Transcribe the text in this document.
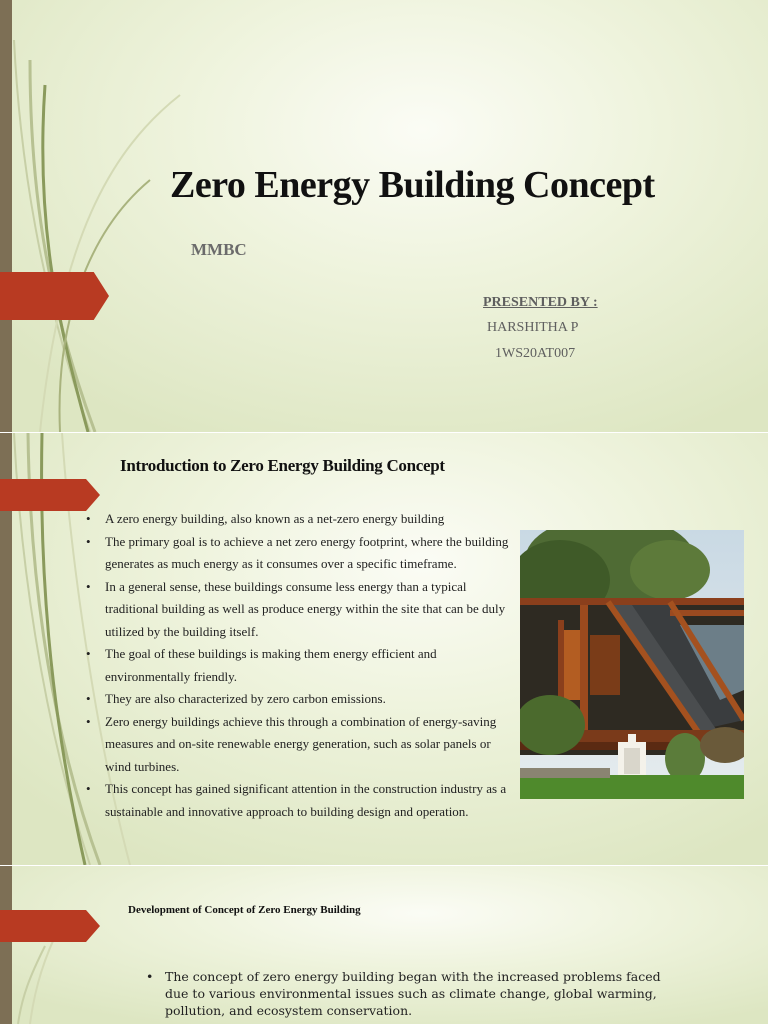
Zero Energy Building Concept
MMBC
PRESENTED BY :
HARSHITHA P
1WS20AT007
Introduction to Zero Energy Building Concept
• A zero energy building, also known as a net-zero energy building
• The primary goal is to achieve a net zero energy footprint, where the building generates as much energy as it consumes over a specific timeframe.
• In a general sense, these buildings consume less energy than a typical traditional building as well as produce energy within the site that can be duly utilized by the building itself.
• The goal of these buildings is making them energy efficient and environmentally friendly.
• They are also characterized by zero carbon emissions.
• Zero energy buildings achieve this through a combination of energy-saving measures and on-site renewable energy generation, such as solar panels or wind turbines.
• This concept has gained significant attention in the construction industry as a sustainable and innovative approach to building design and operation.
Development of Concept of Zero Energy Building
• The concept of zero energy building began with the increased problems faced due to various environmental issues such as climate change, global warming, pollution, and ecosystem conservation.
